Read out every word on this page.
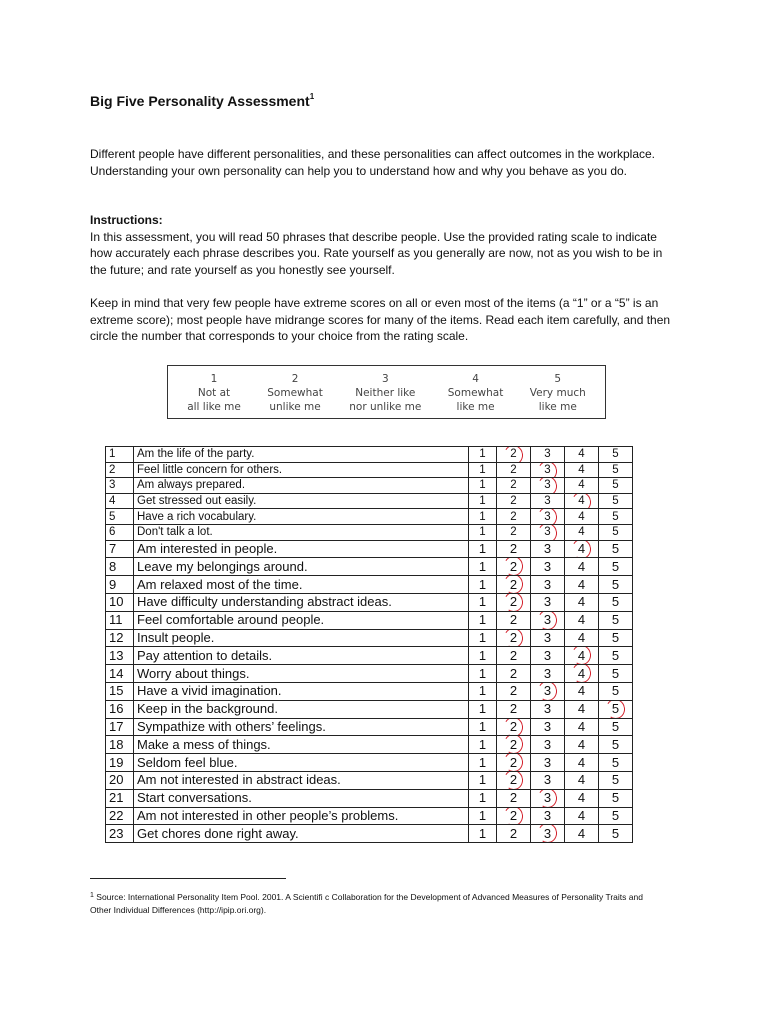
Big Five Personality Assessment$^1$
Different people have different personalities, and these personalities can affect outcomes in the workplace. Understanding your own personality can help you to understand how and why you behave as you do.
Instructions:
In this assessment, you will read 50 phrases that describe people. Use the provided rating scale to indicate how accurately each phrase describes you. Rate yourself as you generally are now, not as you wish to be in the future; and rate yourself as you honestly see yourself.
Keep in mind that very few people have extreme scores on all or even most of the items (a “1” or a “5” is an extreme score); most people have midrange scores for many of the items. Read each item carefully, and then circle the number that corresponds to your choice from the rating scale.
1
Not at
all like me
2
Somewhat
unlike me
3
Neither like
nor unlike me
4
Somewhat
like me
5
Very much
like me
1	Am the life of the party.	1	2	3	4	5
2	Feel little concern for others.	1	2	3	4	5
3	Am always prepared.	1	2	3	4	5
4	Get stressed out easily.	1	2	3	4	5
5	Have a rich vocabulary.	1	2	3	4	5
6	Don't talk a lot.	1	2	3	4	5
7	Am interested in people.	1	2	3	4	5
8	Leave my belongings around.	1	2	3	4	5
9	Am relaxed most of the time.	1	2	3	4	5
10	Have difficulty understanding abstract ideas.	1	2	3	4	5
11	Feel comfortable around people.	1	2	3	4	5
12	Insult people.	1	2	3	4	5
13	Pay attention to details.	1	2	3	4	5
14	Worry about things.	1	2	3	4	5
15	Have a vivid imagination.	1	2	3	4	5
16	Keep in the background.	1	2	3	4	5
17	Sympathize with others’ feelings.	1	2	3	4	5
18	Make a mess of things.	1	2	3	4	5
19	Seldom feel blue.	1	2	3	4	5
20	Am not interested in abstract ideas.	1	2	3	4	5
21	Start conversations.	1	2	3	4	5
22	Am not interested in other people’s problems.	1	2	3	4	5
23	Get chores done right away.	1	2	3	4	5
$^1$ Source: International Personality Item Pool. 2001. A Scientifi c Collaboration for the Development of Advanced Measures of Personality Traits and Other Individual Differences (http://ipip.ori.org).
